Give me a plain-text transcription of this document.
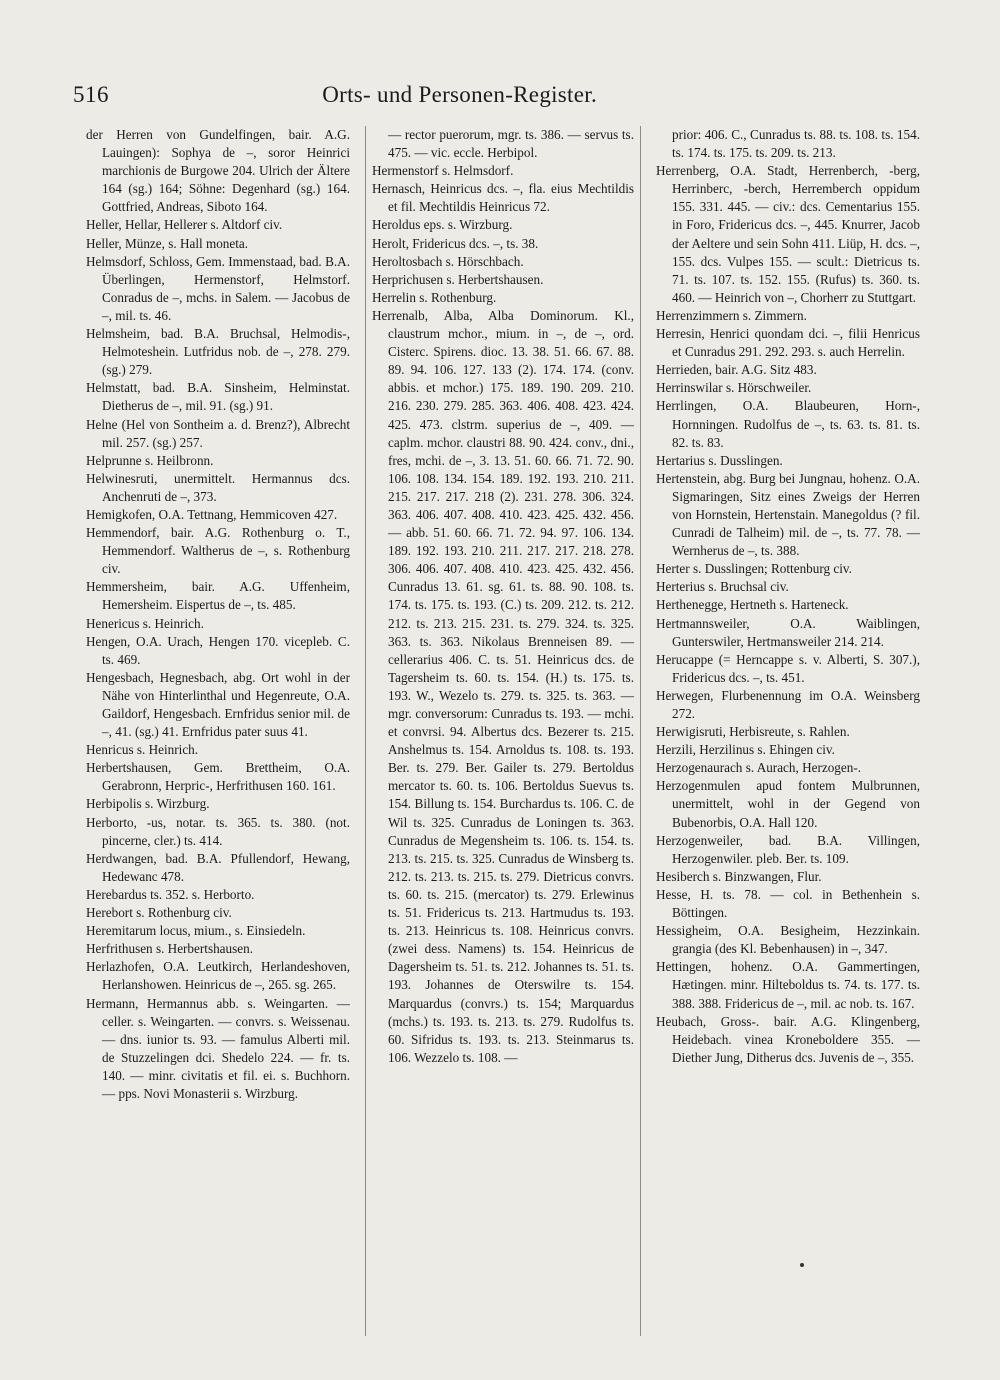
516	Orts- und Personen-Register.

der Herren von Gundelfingen, bair. A.G. Lauingen): Sophya de –, soror Heinrici marchionis de Burgowe 204. Ulrich der Ältere 164 (sg.) 164; Söhne: Degenhard (sg.) 164. Gottfried, Andreas, Siboto 164.

Heller, Hellar, Hellerer s. Altdorf civ.

Heller, Münze, s. Hall moneta.

Helmsdorf, Schloss, Gem. Immenstaad, bad. B.A. Überlingen, Hermenstorf, Helmstorf. Conradus de –, mchs. in Salem. — Jacobus de –, mil. ts. 46.

Helmsheim, bad. B.A. Bruchsal, Helmodis-, Helmoteshein. Lutfridus nob. de –, 278. 279. (sg.) 279.

Helmstatt, bad. B.A. Sinsheim, Helminstat. Dietherus de –, mil. 91. (sg.) 91.

Helne (Hel von Sontheim a. d. Brenz?), Albrecht mil. 257. (sg.) 257.

Helprunne s. Heilbronn.

Helwinesruti, unermittelt. Hermannus dcs. Anchenruti de –, 373.

Hemigkofen, O.A. Tettnang, Hemmicoven 427.

Hemmendorf, bair. A.G. Rothenburg o. T., Hemmendorf. Waltherus de –, s. Rothenburg civ.

Hemmersheim, bair. A.G. Uffenheim, Hemersheim. Eispertus de –, ts. 485.

Henericus s. Heinrich.

Hengen, O.A. Urach, Hengen 170. viceplеb. C. ts. 469.

Hengesbach, Hegnesbach, abg. Ort wohl in der Nähe von Hinterlinthal und Hegenreute, O.A. Gaildorf, Hengesbach. Ernfridus senior mil. de –, 41. (sg.) 41. Ernfridus pater suus 41.

Henricus s. Heinrich.

Herbertshausen, Gem. Brettheim, O.A. Gerabronn, Herpric-, Herfrithusen 160. 161.

Herbipolis s. Wirzburg.

Herborto, -us, notar. ts. 365. ts. 380. (not. pincerne, cler.) ts. 414.

Herdwangen, bad. B.A. Pfullendorf, Hewang, Hedewanc 478.

Herebardus ts. 352. s. Herborto.

Herebort s. Rothenburg civ.

Heremitarum locus, mium., s. Einsiedeln.

Herfrithusen s. Herbertshausen.

Herlazhofen, O.A. Leutkirch, Herlandeshoven, Herlanshowen. Heinricus de –, 265. sg. 265.

Hermann, Hermannus abb. s. Weingarten. — celler. s. Weingarten. — convrs. s. Weissenau. — dns. iunior ts. 93. — famulus Alberti mil. de Stuzzelingen dci. Shedelo 224. — fr. ts. 140. — minr. civitatis et fil. ei. s. Buchhorn. — pps. Novi Monasterii s. Wirzburg.

— rector puerorum, mgr. ts. 386. — servus ts. 475. — vic. eccle. Herbipol.

Hermenstorf s. Helmsdorf.

Hernasch, Heinricus dcs. –, fla. eius Mechtildis et fil. Mechtildis Heinricus 72.

Heroldus eps. s. Wirzburg.

Herolt, Fridericus dcs. –, ts. 38.

Heroltosbach s. Hörschbach.

Herprichusen s. Herbertshausen.

Herrelin s. Rothenburg.

Herrenalb, Alba, Alba Dominorum. Kl., claustrum mchor., mium. in –, de –, ord. Cisterc. Spirens. dioc. 13. 38. 51. 66. 67. 88. 89. 94. 106. 127. 133 (2). 174. 174. (conv. abbis. et mchor.) 175. 189. 190. 209. 210. 216. 230. 279. 285. 363. 406. 408. 423. 424. 425. 473. clstrm. superius de –, 409. — caplm. mchor. claustri 88. 90. 424. conv., dni., fres, mchi. de –, 3. 13. 51. 60. 66. 71. 72. 90. 106. 108. 134. 154. 189. 192. 193. 210. 211. 215. 217. 217. 218 (2). 231. 278. 306. 324. 363. 406. 407. 408. 410. 423. 425. 432. 456. — abb. 51. 60. 66. 71. 72. 94. 97. 106. 134. 189. 192. 193. 210. 211. 217. 217. 218. 278. 306. 406. 407. 408. 410. 423. 425. 432. 456. Cunradus 13. 61. sg. 61. ts. 88. 90. 108. ts. 174. ts. 175. ts. 193. (C.) ts. 209. 212. ts. 212. 212. ts. 213. 215. 231. ts. 279. 324. ts. 325. 363. ts. 363. Nikolaus Brenneisen 89. — cellerarius 406. C. ts. 51. Heinricus dcs. de Tagersheim ts. 60. ts. 154. (H.) ts. 175. ts. 193. W., Wezelo ts. 279. ts. 325. ts. 363. — mgr. conversorum: Cunradus ts. 193. — mchi. et convrsi. 94. Albertus dcs. Bezerer ts. 215. Anshelmus ts. 154. Arnoldus ts. 108. ts. 193. Ber. ts. 279. Ber. Gailer ts. 279. Bertoldus mercator ts. 60. ts. 106. Bertoldus Suevus ts. 154. Billung ts. 154. Burchardus ts. 106. C. de Wil ts. 325. Cunradus de Loningen ts. 363. Cunradus de Megensheim ts. 106. ts. 154. ts. 213. ts. 215. ts. 325. Cunradus de Winsberg ts. 212. ts. 213. ts. 215. ts. 279. Dietricus convrs. ts. 60. ts. 215. (mercator) ts. 279. Erlewinus ts. 51. Fridericus ts. 213. Hartmudus ts. 193. ts. 213. Heinricus ts. 108. Heinricus convrs. (zwei dess. Namens) ts. 154. Heinricus de Dagersheim ts. 51. ts. 212. Johannes ts. 51. ts. 193. Johannes de Oterswilre ts. 154. Marquardus (convrs.) ts. 154; Marquardus (mchs.) ts. 193. ts. 213. ts. 279. Rudolfus ts. 60. Sifridus ts. 193. ts. 213. Steinmarus ts. 106. Wezzelo ts. 108. —

prior: 406. C., Cunradus ts. 88. ts. 108. ts. 154. ts. 174. ts. 175. ts. 209. ts. 213.

Herrenberg, O.A. Stadt, Herrenberch, -berg, Herrinberc, -berch, Herremberch oppidum 155. 331. 445. — civ.: dcs. Cementarius 155. in Foro, Fridericus dcs. –, 445. Knurrer, Jacob der Aeltere und sein Sohn 411. Liüp, H. dcs. –, 155. dcs. Vulpes 155. — scult.: Dietricus ts. 71. ts. 107. ts. 152. 155. (Rufus) ts. 360. ts. 460. — Heinrich von –, Chorherr zu Stuttgart.

Herrenzimmern s. Zimmern.

Herresin, Henrici quondam dci. –, filii Henricus et Cunradus 291. 292. 293. s. auch Herrelin.

Herrieden, bair. A.G. Sitz 483.

Herrinswilar s. Hörschweiler.

Herrlingen, O.A. Blaubeuren, Horn-, Hornningen. Rudolfus de –, ts. 63. ts. 81. ts. 82. ts. 83.

Hertarius s. Dusslingen.

Hertenstein, abg. Burg bei Jungnau, hohenz. O.A. Sigmaringen, Sitz eines Zweigs der Herren von Hornstein, Hertenstain. Manegoldus (? fil. Cunradi de Talheim) mil. de –, ts. 77. 78. — Wernherus de –, ts. 388.

Herter s. Dusslingen; Rottenburg civ.

Herterius s. Bruchsal civ.

Herthenegge, Hertneth s. Harteneck.

Hertmannsweiler, O.A. Waiblingen, Gunterswiler, Hertmansweiler 214. 214.

Herucappe (= Herncappe s. v. Alberti, S. 307.), Fridericus dcs. –, ts. 451.

Herwegen, Flurbenennung im O.A. Weinsberg 272.

Herwigisruti, Herbisreute, s. Rahlen.

Herzili, Herzilinus s. Ehingen civ.

Herzogenaurach s. Aurach, Herzogen-.

Herzogenmulen apud fontem Mulbrunnen, unermittelt, wohl in der Gegend von Bubenorbis, O.A. Hall 120.

Herzogenweiler, bad. B.A. Villingen, Herzogenwiler. pleb. Ber. ts. 109.

Hesiberch s. Binzwangen, Flur.

Hesse, H. ts. 78. — col. in Bethenhein s. Böttingen.

Hessigheim, O.A. Besigheim, Hezzinkain. grangia (des Kl. Bebenhausen) in –, 347.

Hettingen, hohenz. O.A. Gammertingen, Hætingen. minr. Hilteboldus ts. 74. ts. 177. ts. 388. 388. Fridericus de –, mil. ac nob. ts. 167.

Heubach, Gross-. bair. A.G. Klingenberg, Heidebach. vinea Kroneboldere 355. — Diether Jung, Ditherus dcs. Juvenis de –, 355.
